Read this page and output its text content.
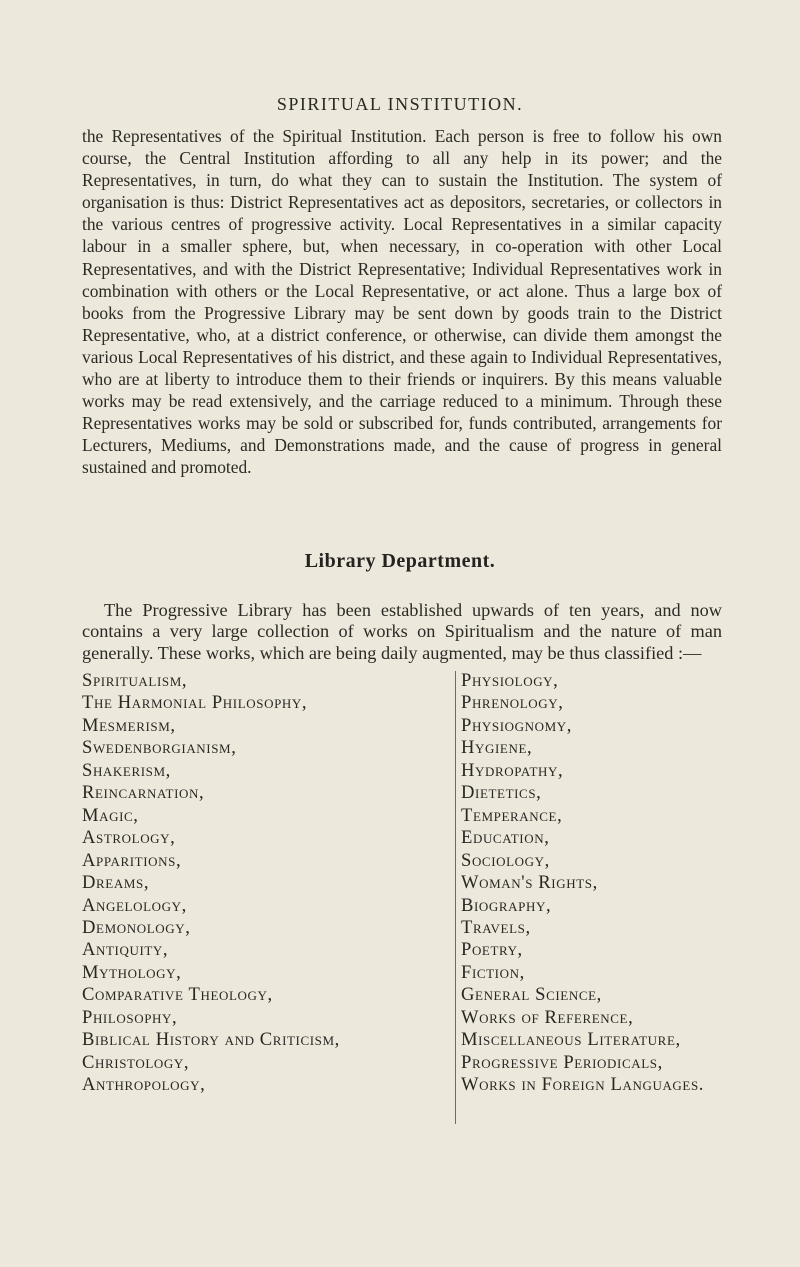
SPIRITUAL INSTITUTION.

the Representatives of the Spiritual Institution. Each person is free to follow his own course, the Central Institution affording to all any help in its power; and the Representatives, in turn, do what they can to sustain the Institution. The system of organisation is thus: District Representatives act as depositors, secretaries, or collectors in the various centres of progressive activity. Local Representatives in a similar capacity labour in a smaller sphere, but, when necessary, in co-operation with other Local Representatives, and with the District Representative; Individual Representatives work in combination with others or the Local Representative, or act alone. Thus a large box of books from the Progressive Library may be sent down by goods train to the District Representative, who, at a district conference, or otherwise, can divide them amongst the various Local Representatives of his district, and these again to Individual Representatives, who are at liberty to introduce them to their friends or inquirers. By this means valuable works may be read extensively, and the carriage reduced to a minimum. Through these Representatives works may be sold or subscribed for, funds contributed, arrangements for Lecturers, Mediums, and Demonstrations made, and the cause of progress in general sustained and promoted.

Library Department.

The Progressive Library has been established upwards of ten years, and now contains a very large collection of works on Spiritualism and the nature of man generally. These works, which are being daily augmented, may be thus classified :—

Spiritualism,
The Harmonial Philosophy,
Mesmerism,
Swedenborgianism,
Shakerism,
Reincarnation,
Magic,
Astrology,
Apparitions,
Dreams,
Angelology,
Demonology,
Antiquity,
Mythology,
Comparative Theology,
Philosophy,
Biblical History and Criticism,
Christology,
Anthropology,
Physiology,
Phrenology,
Physiognomy,
Hygiene,
Hydropathy,
Dietetics,
Temperance,
Education,
Sociology,
Woman's Rights,
Biography,
Travels,
Poetry,
Fiction,
General Science,
Works of Reference,
Miscellaneous Literature,
Progressive Periodicals,
Works in Foreign Languages.
